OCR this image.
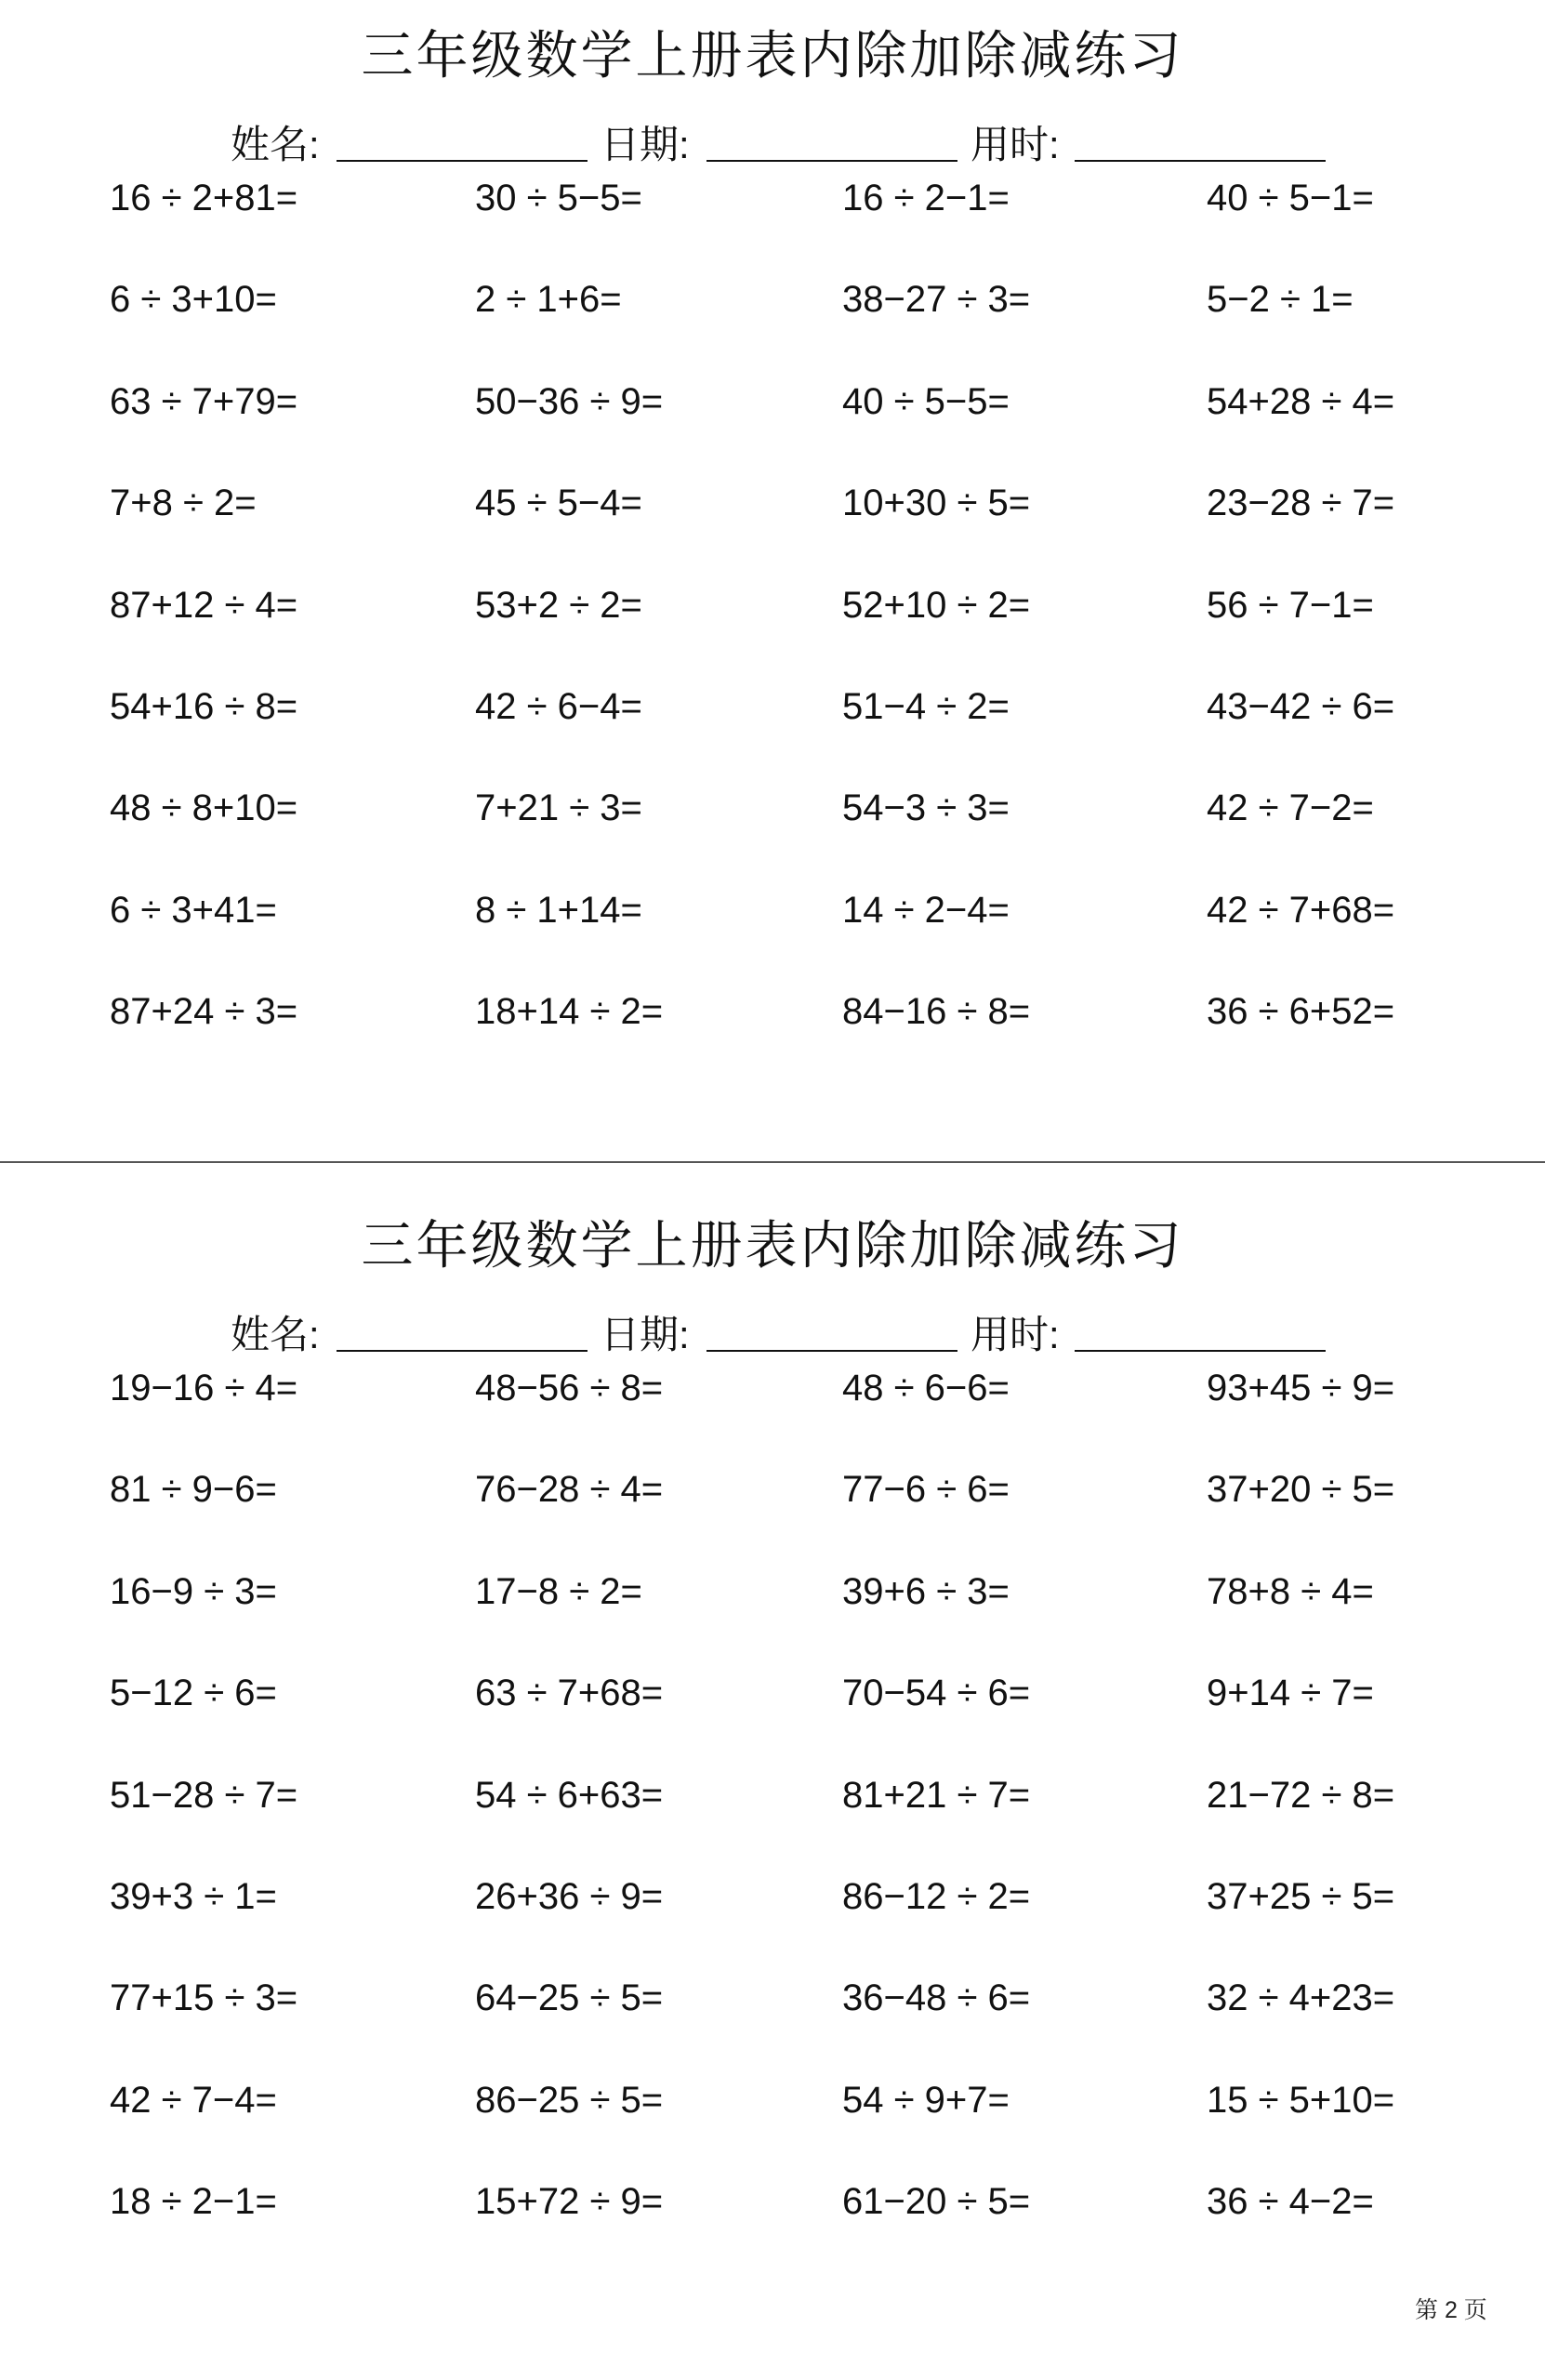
三年级数学上册表内除加除减练习
姓名:	日期:	用时:
16 ÷ 2+81=	30 ÷ 5−5=	16 ÷ 2−1=	40 ÷ 5−1=
6 ÷ 3+10=	2 ÷ 1+6=	38−27 ÷ 3=	5−2 ÷ 1=
63 ÷ 7+79=	50−36 ÷ 9=	40 ÷ 5−5=	54+28 ÷ 4=
7+8 ÷ 2=	45 ÷ 5−4=	10+30 ÷ 5=	23−28 ÷ 7=
87+12 ÷ 4=	53+2 ÷ 2=	52+10 ÷ 2=	56 ÷ 7−1=
54+16 ÷ 8=	42 ÷ 6−4=	51−4 ÷ 2=	43−42 ÷ 6=
48 ÷ 8+10=	7+21 ÷ 3=	54−3 ÷ 3=	42 ÷ 7−2=
6 ÷ 3+41=	8 ÷ 1+14=	14 ÷ 2−4=	42 ÷ 7+68=
87+24 ÷ 3=	18+14 ÷ 2=	84−16 ÷ 8=	36 ÷ 6+52=
三年级数学上册表内除加除减练习
姓名:	日期:	用时:
19−16 ÷ 4=	48−56 ÷ 8=	48 ÷ 6−6=	93+45 ÷ 9=
81 ÷ 9−6=	76−28 ÷ 4=	77−6 ÷ 6=	37+20 ÷ 5=
16−9 ÷ 3=	17−8 ÷ 2=	39+6 ÷ 3=	78+8 ÷ 4=
5−12 ÷ 6=	63 ÷ 7+68=	70−54 ÷ 6=	9+14 ÷ 7=
51−28 ÷ 7=	54 ÷ 6+63=	81+21 ÷ 7=	21−72 ÷ 8=
39+3 ÷ 1=	26+36 ÷ 9=	86−12 ÷ 2=	37+25 ÷ 5=
77+15 ÷ 3=	64−25 ÷ 5=	36−48 ÷ 6=	32 ÷ 4+23=
42 ÷ 7−4=	86−25 ÷ 5=	54 ÷ 9+7=	15 ÷ 5+10=
18 ÷ 2−1=	15+72 ÷ 9=	61−20 ÷ 5=	36 ÷ 4−2=
第 2 页
